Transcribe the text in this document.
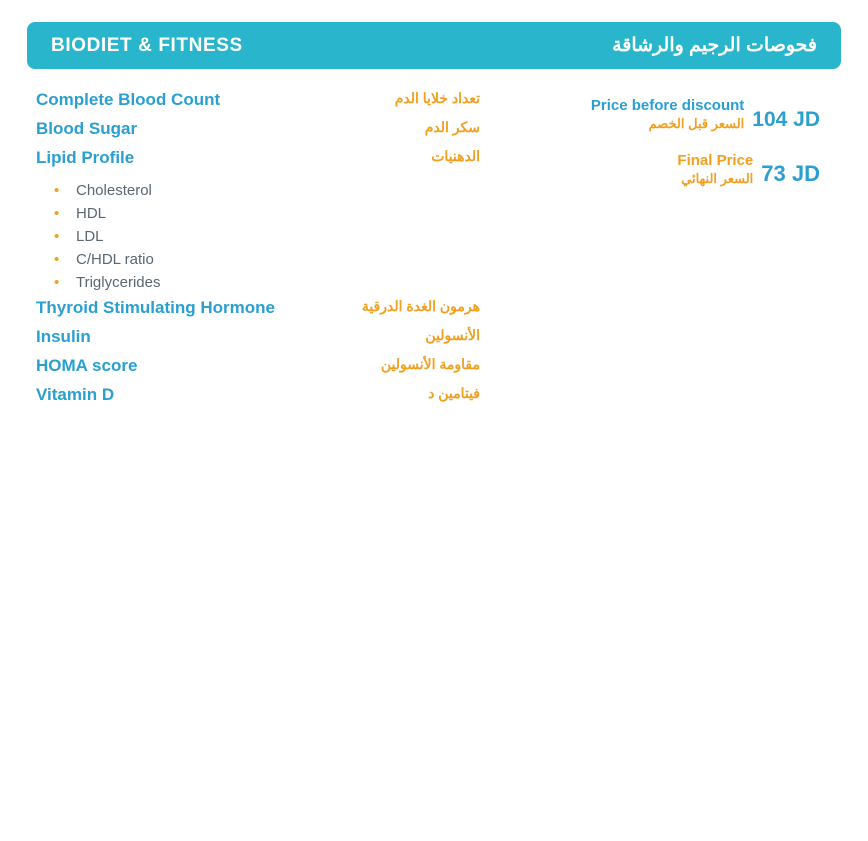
BIODIET & FITNESS	فحوصات الرجيم والرشاقة
Complete Blood Count	تعداد خلايا الدم
Blood Sugar	سكر الدم
Lipid Profile	الدهنيات
• Cholesterol
• HDL
• LDL
• C/HDL ratio
• Triglycerides
Thyroid Stimulating Hormone	هرمون الغدة الدرقية
Insulin	الأنسولين
HOMA score	مقاومة الأنسولين
Vitamin D	فيتامين د
Price before discount
السعر قبل الخصم 104 JD
Final Price
السعر النهائي 73 JD
